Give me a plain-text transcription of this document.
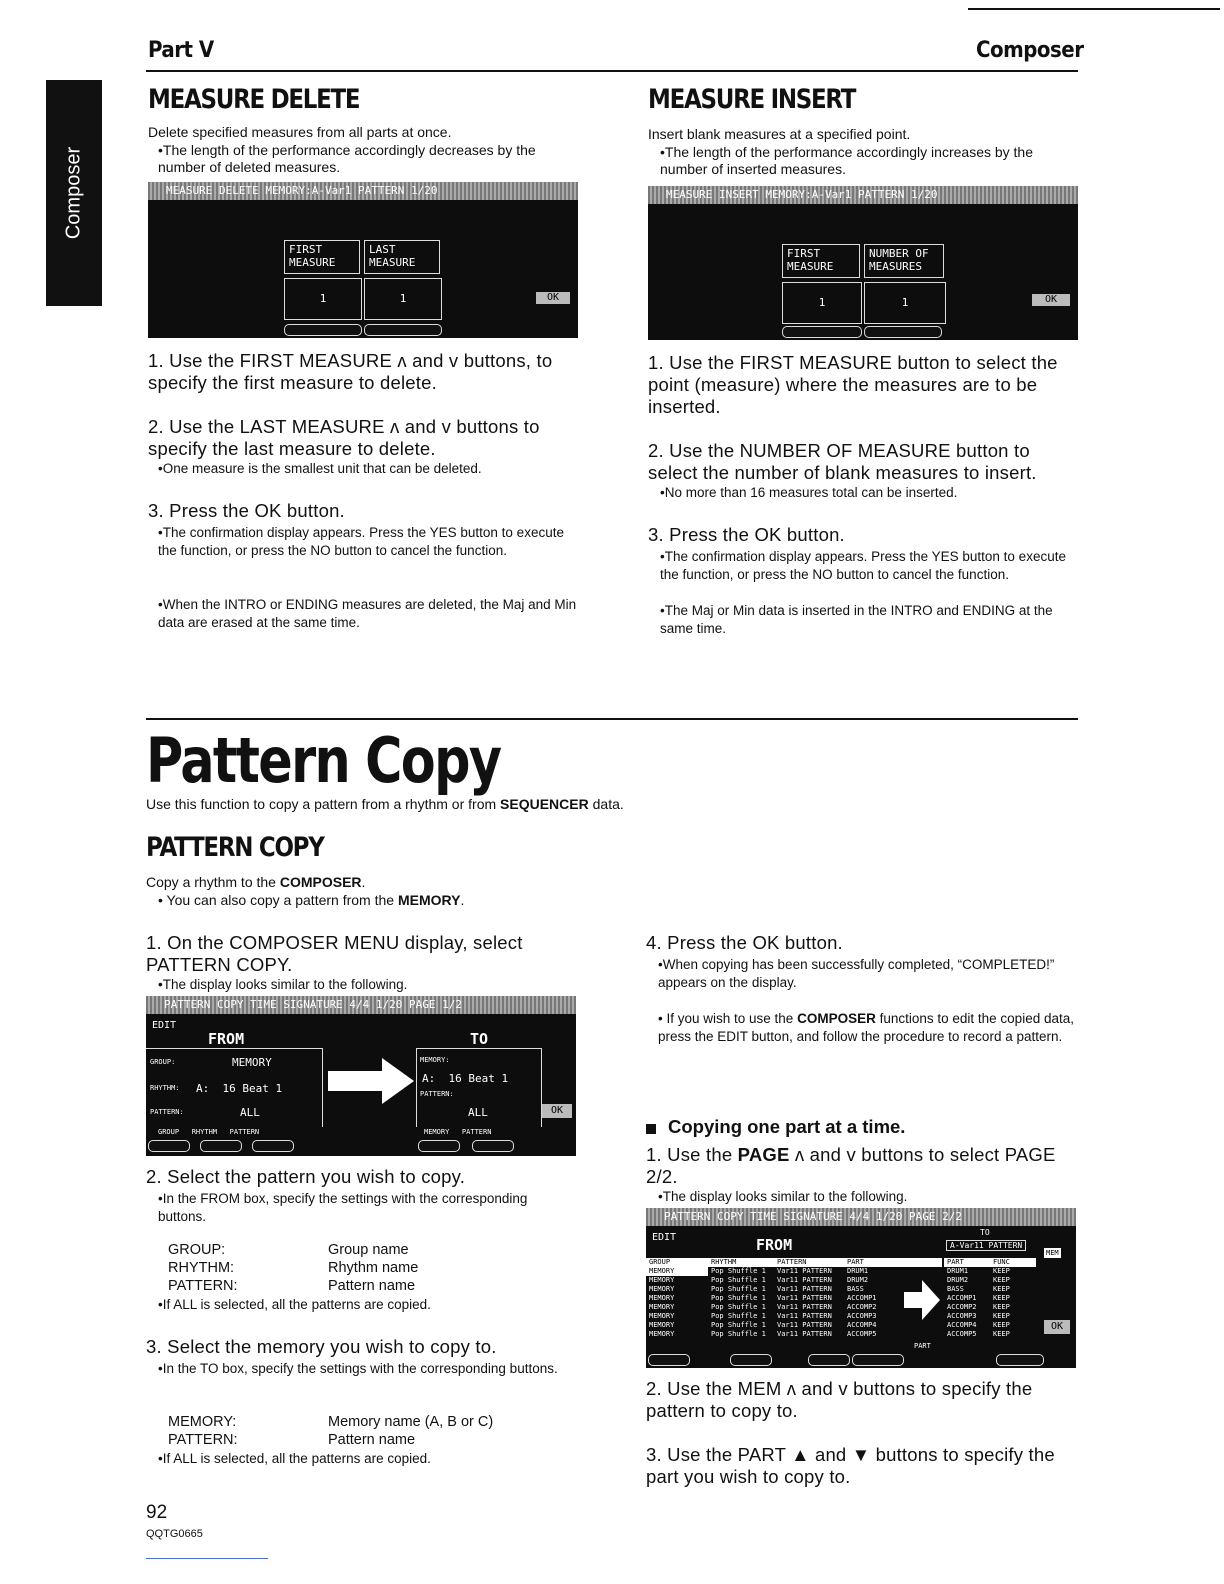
Composer
Part V	Composer
MEASURE DELETE
Delete specified measures from all parts at once.
• The length of the performance accordingly decreases by the number of deleted measures.
MEASURE DELETE MEMORY:A-Var1 PATTERN 1/20
FIRST
MEASURE
LAST
MEASURE
1	1	OK
1. Use the FIRST MEASURE ʌ and v buttons, to specify the first measure to delete.
2. Use the LAST MEASURE ʌ and v buttons to specify the last measure to delete.
• One measure is the smallest unit that can be deleted.
3. Press the OK button.
• The confirmation display appears. Press the YES button to execute the function, or press the NO button to cancel the function.
• When the INTRO or ENDING measures are deleted, the Maj and Min data are erased at the same time.
MEASURE INSERT
Insert blank measures at a specified point.
• The length of the performance accordingly increases by the number of inserted measures.
MEASURE INSERT MEMORY:A-Var1 PATTERN 1/20
FIRST
MEASURE
NUMBER OF
MEASURES
1	1	OK
1. Use the FIRST MEASURE button to select the point (measure) where the measures are to be inserted.
2. Use the NUMBER OF MEASURE button to select the number of blank measures to insert.
• No more than 16 measures total can be inserted.
3. Press the OK button.
• The confirmation display appears. Press the YES button to execute the function, or press the NO button to cancel the function.
• The Maj or Min data is inserted in the INTRO and ENDING at the same time.
Pattern Copy
Use this function to copy a pattern from a rhythm or from SEQUENCER data.
PATTERN COPY
Copy a rhythm to the COMPOSER.
• You can also copy a pattern from the MEMORY.
1. On the COMPOSER MENU display, select PATTERN COPY.
• The display looks similar to the following.
PATTERN COPY TIME SIGNATURE 4/4 1/20 PAGE 1/2
EDIT
FROM	TO
GROUP:	MEMORY
RHYTHM: A:  16 Beat 1
PATTERN:	ALL
MEMORY:
A:  16 Beat 1
PATTERN:
ALL	OK
GROUP   RHYTHM   PATTERN	MEMORY   PATTERN
2. Select the pattern you wish to copy.
• In the FROM box, specify the settings with the corresponding buttons.
GROUP:	Group name
RHYTHM:	Rhythm name
PATTERN:	Pattern name
• If ALL is selected, all the patterns are copied.
3. Select the memory you wish to copy to.
• In the TO box, specify the settings with the corresponding buttons.
MEMORY:	Memory name (A, B or C)
PATTERN:	Pattern name
• If ALL is selected, all the patterns are copied.
4. Press the OK button.
• When copying has been successfully completed, “COMPLETED!” appears on the display.
• If you wish to use the COMPOSER functions to edit the copied data, press the EDIT button, and follow the procedure to record a pattern.
Copying one part at a time.
1. Use the PAGE ʌ and v buttons to select PAGE 2/2.
• The display looks similar to the following.
PATTERN COPY TIME SIGNATURE 4/4 1/20 PAGE 2/2
EDIT	FROM
TO
A-Var11 PATTERN
MEM
GROUP	RHYTHM	PATTERN	PART
MEMORY	Pop Shuffle 1	Var11 PATTERN	DRUM1
MEMORY	Pop Shuffle 1	Var11 PATTERN	DRUM2
MEMORY	Pop Shuffle 1	Var11 PATTERN	BASS
MEMORY	Pop Shuffle 1	Var11 PATTERN	ACCOMP1
MEMORY	Pop Shuffle 1	Var11 PATTERN	ACCOMP2
MEMORY	Pop Shuffle 1	Var11 PATTERN	ACCOMP3
MEMORY	Pop Shuffle 1	Var11 PATTERN	ACCOMP4
MEMORY	Pop Shuffle 1	Var11 PATTERN	ACCOMP5
PART
PART	FUNC
DRUM1	KEEP
DRUM2	KEEP
BASS	KEEP
ACCOMP1	KEEP
ACCOMP2	KEEP
ACCOMP3	KEEP
ACCOMP4	KEEP
ACCOMP5	KEEP
OK
2. Use the MEM ʌ and v buttons to specify the pattern to copy to.
3. Use the PART ▲ and ▼ buttons to specify the part you wish to copy to.
92
QQTG0665
